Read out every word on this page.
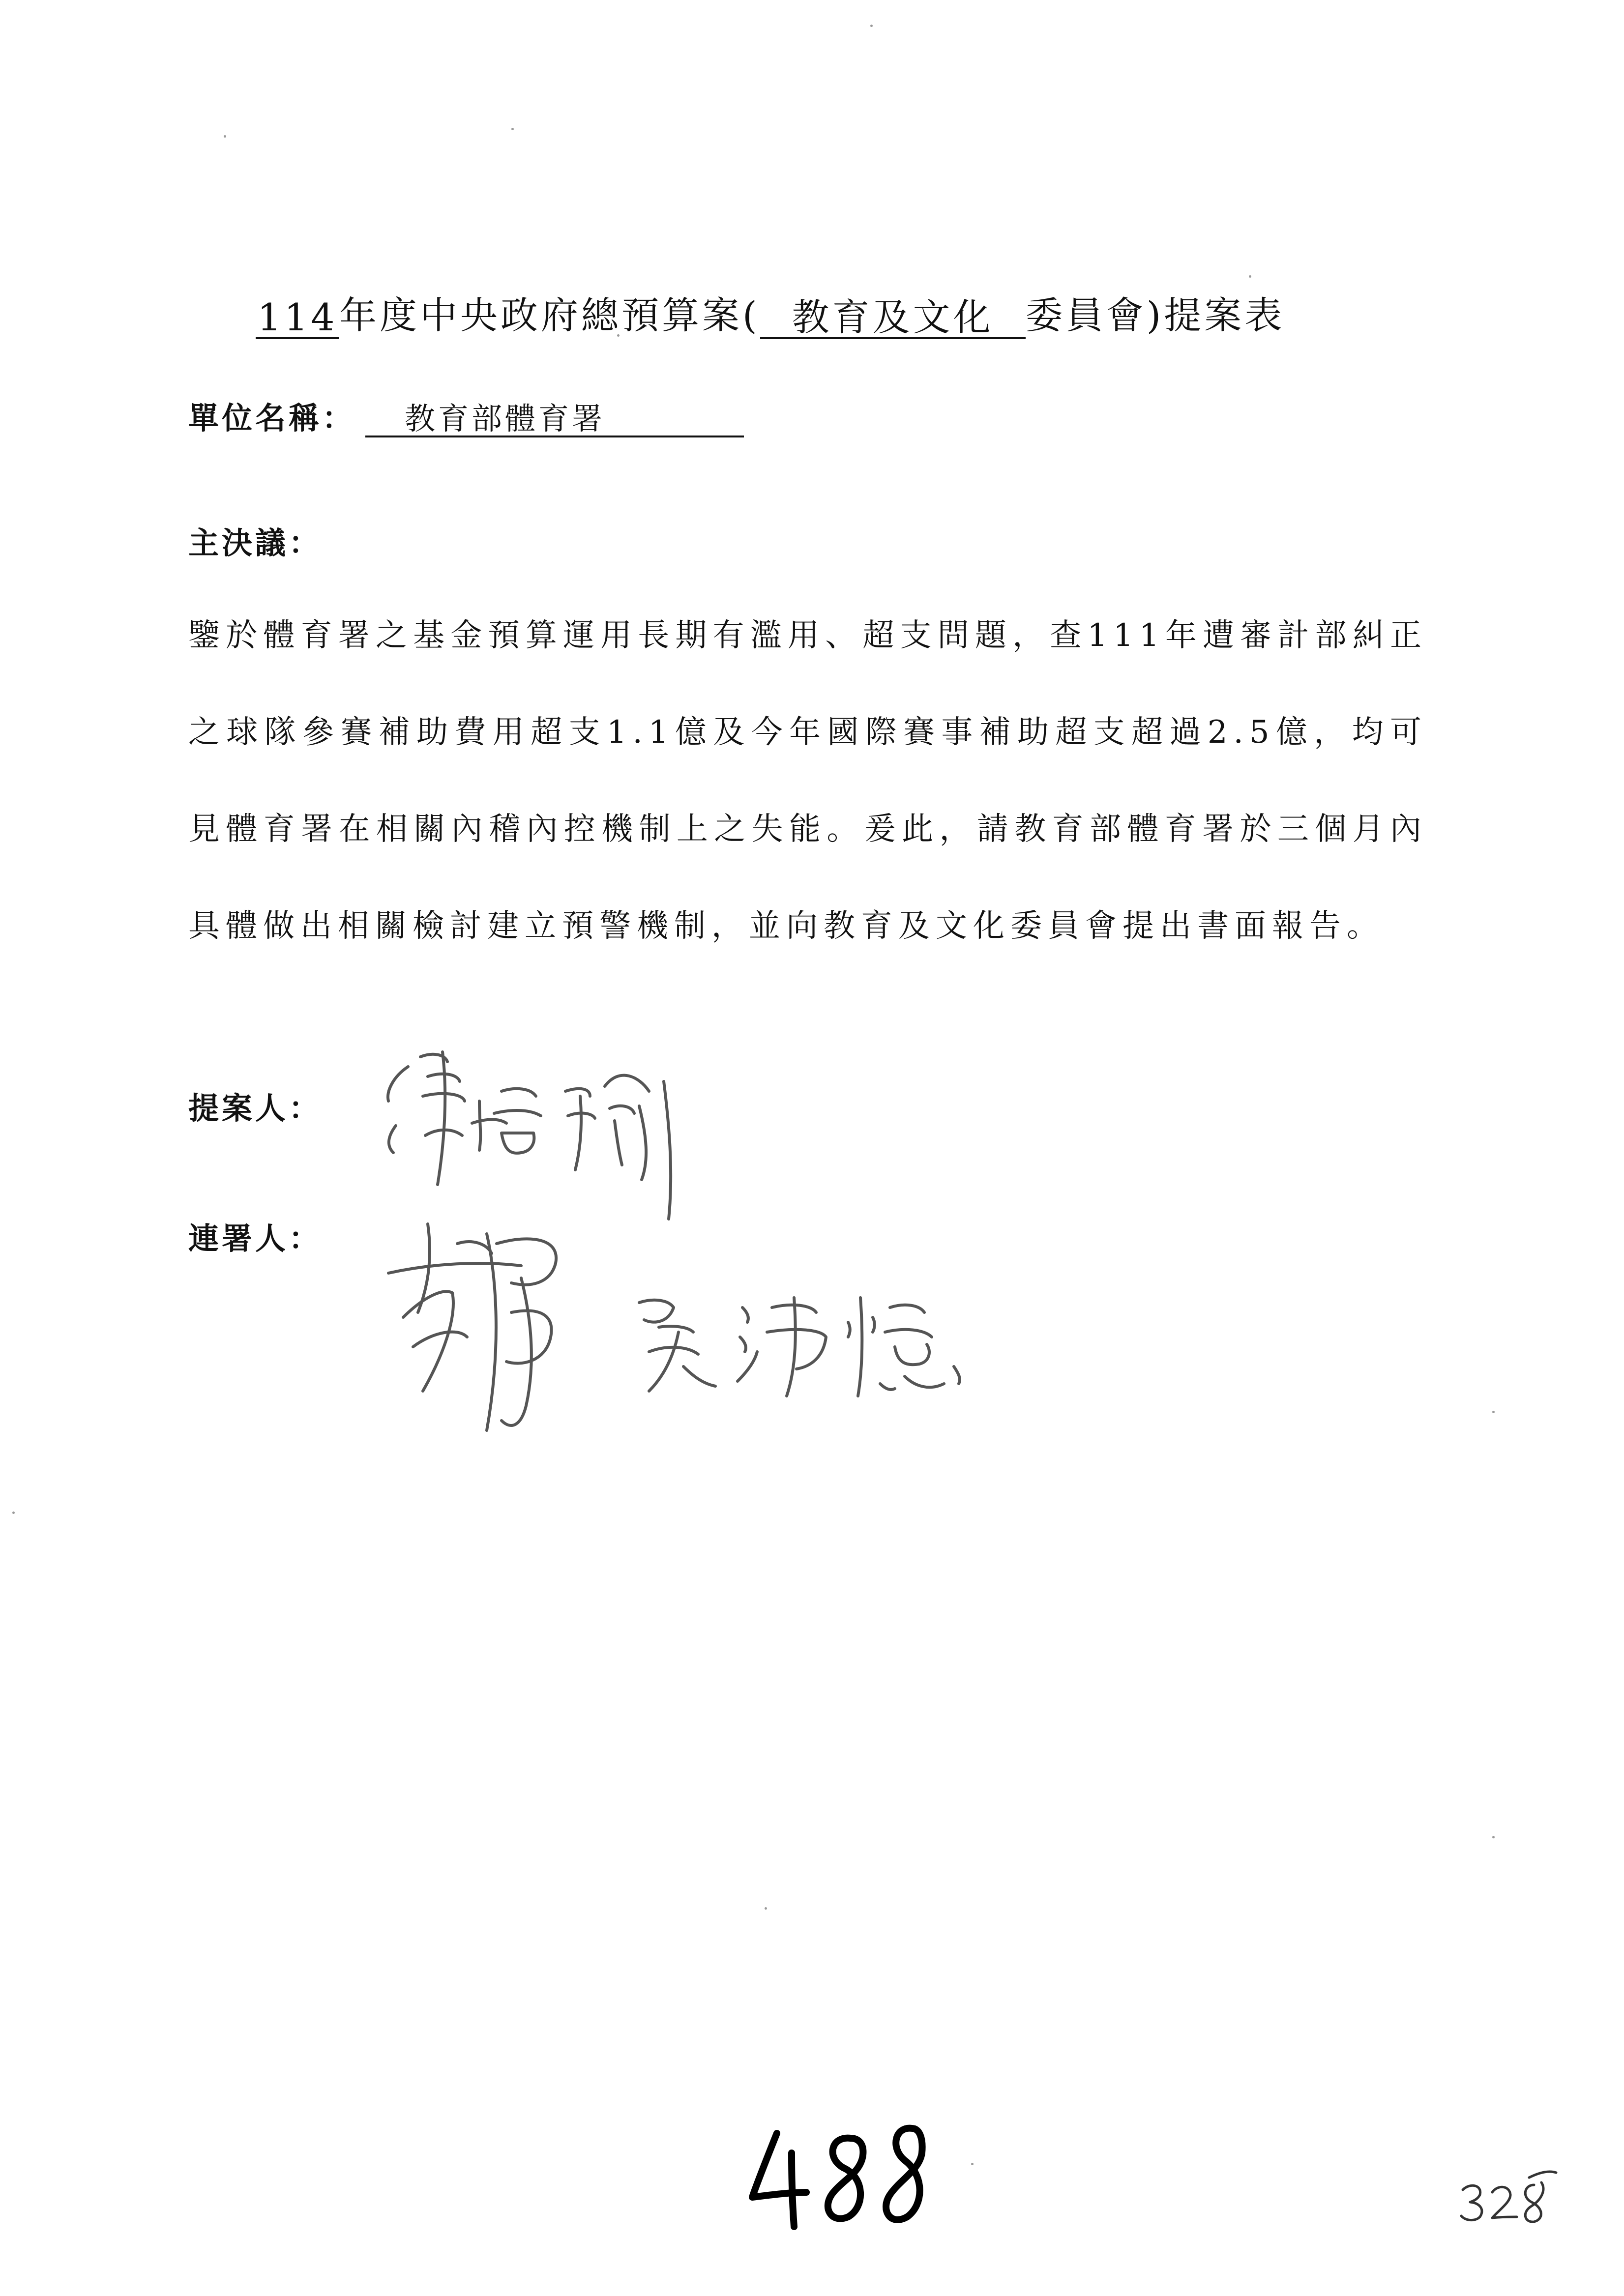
114 年度中央政府總預算案( 教育及文化 委員會)提案表
單位名稱：	教育部體育署
主決議：
鑒於體育署之基金預算運用長期有濫用、超支問題，查111年遭審計部糾正之球隊參賽補助費用超支1.1億及今年國際賽事補助超支超過2.5億，均可見體育署在相關內稽內控機制上之失能。爰此，請教育部體育署於三個月內具體做出相關檢討建立預警機制，並向教育及文化委員會提出書面報告。
提案人：
連署人：
